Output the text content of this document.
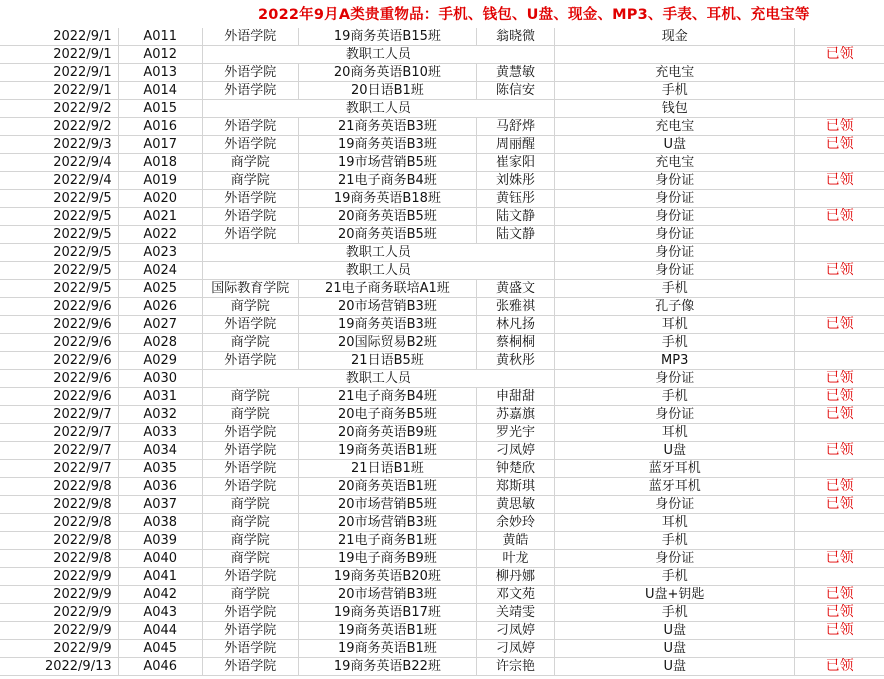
2022年9月A类贵重物品：手机、钱包、U盘、现金、MP3、手表、耳机、充电宝等
2022/9/1	A011	外语学院	19商务英语B15班	翁晓微	现金	
2022/9/1	A012	教职工人员				已领
2022/9/1	A013	外语学院	20商务英语B10班	黄慧敏	充电宝	
2022/9/1	A014	外语学院	20日语B1班	陈信安	手机	
2022/9/2	A015	教职工人员			钱包	
2022/9/2	A016	外语学院	21商务英语B3班	马舒烨	充电宝	已领
2022/9/3	A017	外语学院	19商务英语B3班	周丽醒	U盘	已领
2022/9/4	A018	商学院	19市场营销B5班	崔家阳	充电宝	
2022/9/4	A019	商学院	21电子商务B4班	刘姝彤	身份证	已领
2022/9/5	A020	外语学院	19商务英语B18班	黄钰彤	身份证	
2022/9/5	A021	外语学院	20商务英语B5班	陆文静	身份证	已领
2022/9/5	A022	外语学院	20商务英语B5班	陆文静	身份证	
2022/9/5	A023	教职工人员			身份证	
2022/9/5	A024	教职工人员			身份证	已领
2022/9/5	A025	国际教育学院	21电子商务联培A1班	黄盛文	手机	
2022/9/6	A026	商学院	20市场营销B3班	张雅祺	孔子像	
2022/9/6	A027	外语学院	19商务英语B3班	林凡扬	耳机	已领
2022/9/6	A028	商学院	20国际贸易B2班	蔡桐桐	手机	
2022/9/6	A029	外语学院	21日语B5班	黄秋彤	MP3	
2022/9/6	A030	教职工人员			身份证	已领
2022/9/6	A031	商学院	21电子商务B4班	申甜甜	手机	已领
2022/9/7	A032	商学院	20电子商务B5班	苏嘉旗	身份证	已领
2022/9/7	A033	外语学院	20商务英语B9班	罗光宇	耳机	
2022/9/7	A034	外语学院	19商务英语B1班	刁凤婷	U盘	已领
2022/9/7	A035	外语学院	21日语B1班	钟楚欣	蓝牙耳机	
2022/9/8	A036	外语学院	20商务英语B1班	郑斯琪	蓝牙耳机	已领
2022/9/8	A037	商学院	20市场营销B5班	黄思敏	身份证	已领
2022/9/8	A038	商学院	20市场营销B3班	余妙玲	耳机	
2022/9/8	A039	商学院	21电子商务B1班	黄皓	手机	
2022/9/8	A040	商学院	19电子商务B9班	叶龙	身份证	已领
2022/9/9	A041	外语学院	19商务英语B20班	柳丹娜	手机	
2022/9/9	A042	商学院	20市场营销B3班	邓文苑	U盘+钥匙	已领
2022/9/9	A043	外语学院	19商务英语B17班	关靖雯	手机	已领
2022/9/9	A044	外语学院	19商务英语B1班	刁凤婷	U盘	已领
2022/9/9	A045	外语学院	19商务英语B1班	刁凤婷	U盘	
2022/9/13	A046	外语学院	19商务英语B22班	许宗艳	U盘	已领
